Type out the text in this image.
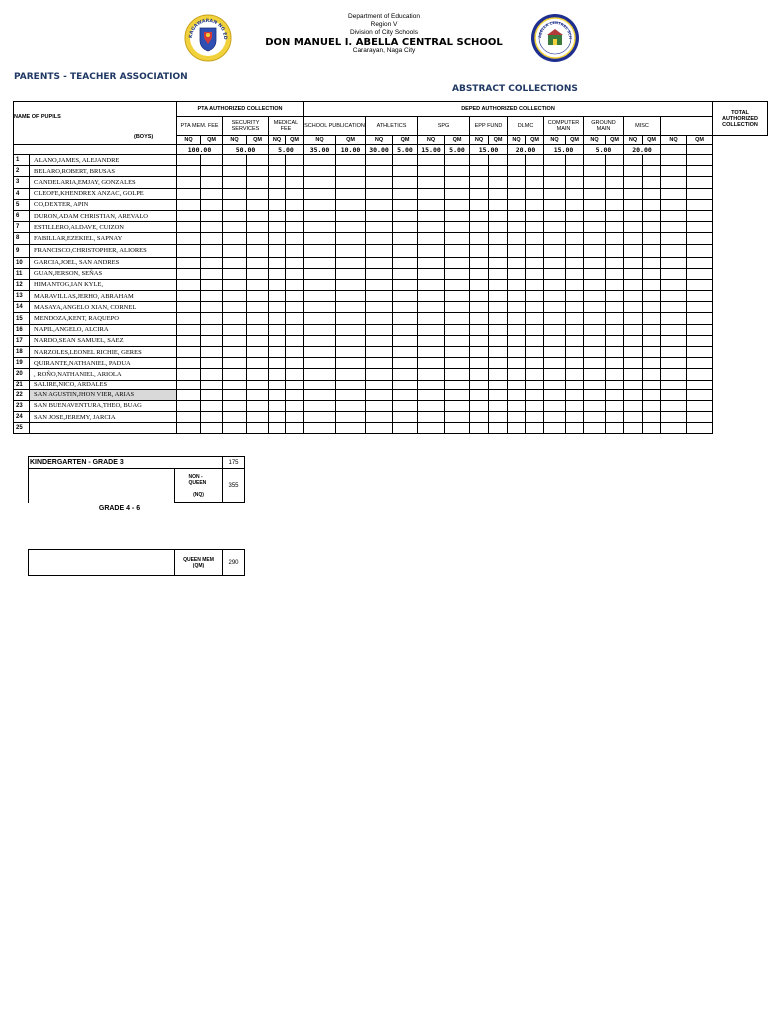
Department of Education
Region V
Division of City Schools
DON MANUEL I. ABELLA CENTRAL SCHOOL
Cararayan, Naga City
KAGAWARAN NG ED	ABELLA CENTRAL SCH
PARENTS - TEACHER ASSOCIATION
ABSTRACT COLLECTIONS
NAME OF PUPILS
(BOYS)		PTA AUTHORIZED COLLECTION						DEPED AUTHORIZED COLLECTION																		TOTAL AUTHORIZED COLLECTION
		PTA MEM. FEE		SECURITY SERVICES		MEDICAL FEE		SCHOOL PUBLICATION		ATHLETICS		SPG		EPP FUND		DLMC		COMPUTER MAIN		GROUND MAIN		MISC				
		NQ	QM	NQ	QM	NQ	QM	NQ	QM	NQ	QM	NQ	QM	NQ	QM	NQ	QM	NQ	QM	NQ	QM	NQ	QM	NQ	QM	
		100.00		50.00		5.00		35.00	10.00	30.00	5.00	15.00	5.00	15.00		20.00		15.00		5.00		20.00				
1	ALANO,JAMES, ALEJANDRE																									
2	BELARO,ROBERT, BRUSAS																									
3	CANDELARIA,EMJAY, GONZALES																									
4	CLEOFE,KHENDREX ANZAC, GOLPE																									
5	CO,DEXTER, APIN																									
6	DURON,ADAM CHRISTIAN, AREVALO																									
7	ESTILLERO,ALDAVE, CUIZON																									
8	FABILLAR,EZEKIEL, SAPNAY																									
9	FRANCISCO,CHRISTOPHER, ALIORES																									
10	GARCIA,JOEL, SAN ANDRES																									
11	GUAN,JERSON, SEÑAS																									
12	HIMANTOG,IAN KYLE,																									
13	MARAVILLAS,JERHO, ABRAHAM																									
14	MASAYA,ANGELO XIAN, CORNEL																									
15	MENDOZA,KENT, RAQUEPO																									
16	NAPIL,ANGELO, ALCIRA																									
17	NARDO,SEAN SAMUEL, SAEZ																									
18	NARZOLES,LEONEL RICHIE, GERES																									
19	QUIRANTE,NATHANIEL, PADUA																									
20	, ROÑO,NATHANIEL, ARIOLA																									
21	SALIRE,NICO, ARDALES																									
22	SAN AGUSTIN,JHON VIER, ARIAS																									
23	SAN BUENAVENTURA,THEO, BUAG																									
24	SAN JOSE,JEREMY, JARCIA																									
25																										
KINDERGARTEN - GRADE 3		175

GRADE 4 - 6	NON - QUEEN
(NQ)	355

QUEEN MEM
(QM)	290
